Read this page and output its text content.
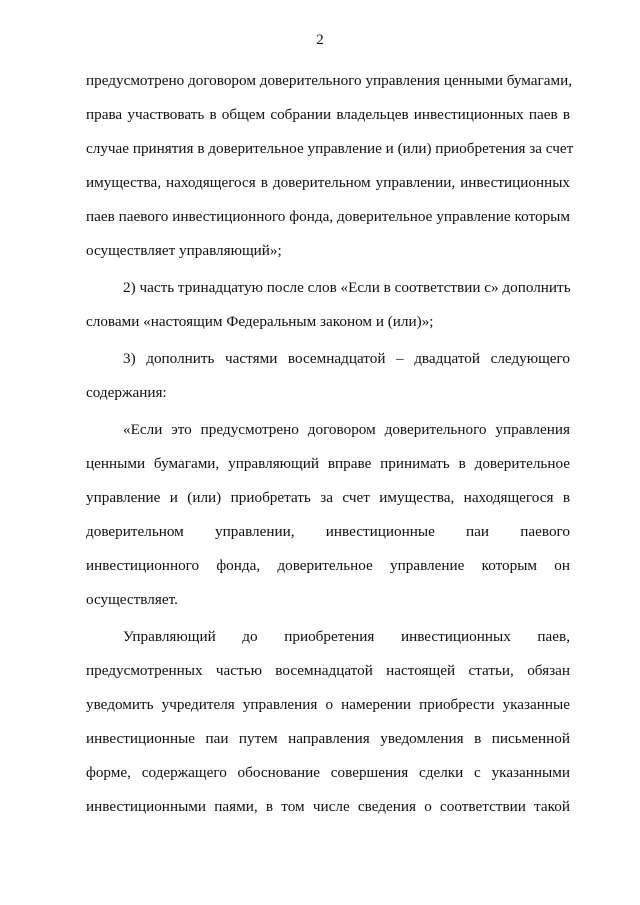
2
предусмотрено договором доверительного управления ценными бумагами,
права участвовать в общем собрании владельцев инвестиционных паев в
случае принятия в доверительное управление и (или) приобретения за счет
имущества, находящегося в доверительном управлении, инвестиционных
паев паевого инвестиционного фонда, доверительное управление которым
осуществляет управляющий»;
2) часть тринадцатую после слов «Если в соответствии с» дополнить
словами «настоящим Федеральным законом и (или)»;
3) дополнить частями восемнадцатой – двадцатой следующего
содержания:
«Если это предусмотрено договором доверительного управления
ценными бумагами, управляющий вправе принимать в доверительное
управление и (или) приобретать за счет имущества, находящегося в
доверительном управлении, инвестиционные паи паевого
инвестиционного фонда, доверительное управление которым он
осуществляет.
Управляющий до приобретения инвестиционных паев,
предусмотренных частью восемнадцатой настоящей статьи, обязан
уведомить учредителя управления о намерении приобрести указанные
инвестиционные паи путем направления уведомления в письменной
форме, содержащего обоснование совершения сделки с указанными
инвестиционными паями, в том числе сведения о соответствии такой
